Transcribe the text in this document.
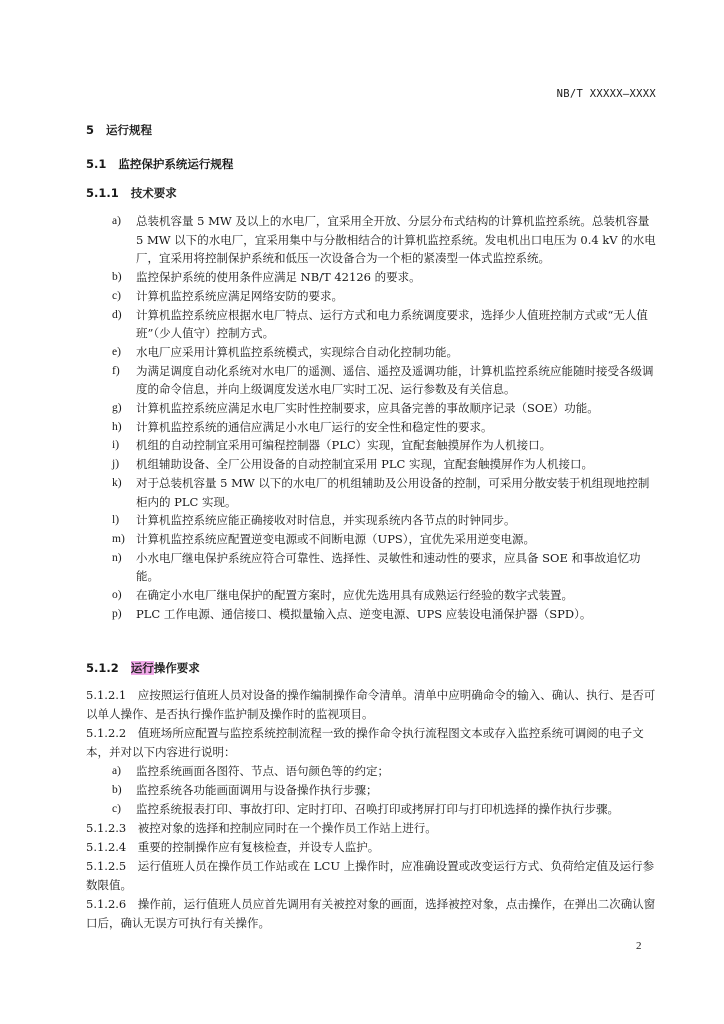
NB/T XXXXX—XXXX
5 运行规程
5.1 监控保护系统运行规程
5.1.1 技术要求
a) 总装机容量 5 MW 及以上的水电厂，宜采用全开放、分层分布式结构的计算机监控系统。总装机容量 5 MW 以下的水电厂，宜采用集中与分散相结合的计算机监控系统。发电机出口电压为 0.4 kV 的水电厂，宜采用将控制保护系统和低压一次设备合为一个柜的紧凑型一体式监控系统。
b) 监控保护系统的使用条件应满足 NB/T 42126 的要求。
c) 计算机监控系统应满足网络安防的要求。
d) 计算机监控系统应根据水电厂特点、运行方式和电力系统调度要求，选择少人值班控制方式或“无人值班”（少人值守）控制方式。
e) 水电厂应采用计算机监控系统模式，实现综合自动化控制功能。
f) 为满足调度自动化系统对水电厂的遥测、遥信、遥控及遥调功能，计算机监控系统应能随时接受各级调度的命令信息，并向上级调度发送水电厂实时工况、运行参数及有关信息。
g) 计算机监控系统应满足水电厂实时性控制要求，应具备完善的事故顺序记录（SOE）功能。
h) 计算机监控系统的通信应满足小水电厂运行的安全性和稳定性的要求。
i) 机组的自动控制宜采用可编程控制器（PLC）实现，宜配套触摸屏作为人机接口。
j) 机组辅助设备、全厂公用设备的自动控制宜采用 PLC 实现，宜配套触摸屏作为人机接口。
k) 对于总装机容量 5 MW 以下的水电厂的机组辅助及公用设备的控制，可采用分散安装于机组现地控制柜内的 PLC 实现。
l) 计算机监控系统应能正确接收对时信息，并实现系统内各节点的时钟同步。
m) 计算机监控系统应配置逆变电源或不间断电源（UPS），宜优先采用逆变电源。
n) 小水电厂继电保护系统应符合可靠性、选择性、灵敏性和速动性的要求，应具备 SOE 和事故追忆功能。
o) 在确定小水电厂继电保护的配置方案时，应优先选用具有成熟运行经验的数字式装置。
p) PLC 工作电源、通信接口、模拟量输入点、逆变电源、UPS 应装设电涌保护器（SPD）。
5.1.2 运行操作要求
5.1.2.1　应按照运行值班人员对设备的操作编制操作命令清单。清单中应明确命令的输入、确认、执行、是否可以单人操作、是否执行操作监护制及操作时的监视项目。
5.1.2.2　值班场所应配置与监控系统控制流程一致的操作命令执行流程图文本或存入监控系统可调阅的电子文本，并对以下内容进行说明：
a) 监控系统画面各图符、节点、语句颜色等的约定；
b) 监控系统各功能画面调用与设备操作执行步骤；
c) 监控系统报表打印、事故打印、定时打印、召唤打印或拷屏打印与打印机选择的操作执行步骤。
5.1.2.3　被控对象的选择和控制应同时在一个操作员工作站上进行。
5.1.2.4　重要的控制操作应有复核检查，并设专人监护。
5.1.2.5　运行值班人员在操作员工作站或在 LCU 上操作时，应准确设置或改变运行方式、负荷给定值及运行参数限值。
5.1.2.6　操作前，运行值班人员应首先调用有关被控对象的画面，选择被控对象，点击操作，在弹出二次确认窗口后，确认无误方可执行有关操作。
2
